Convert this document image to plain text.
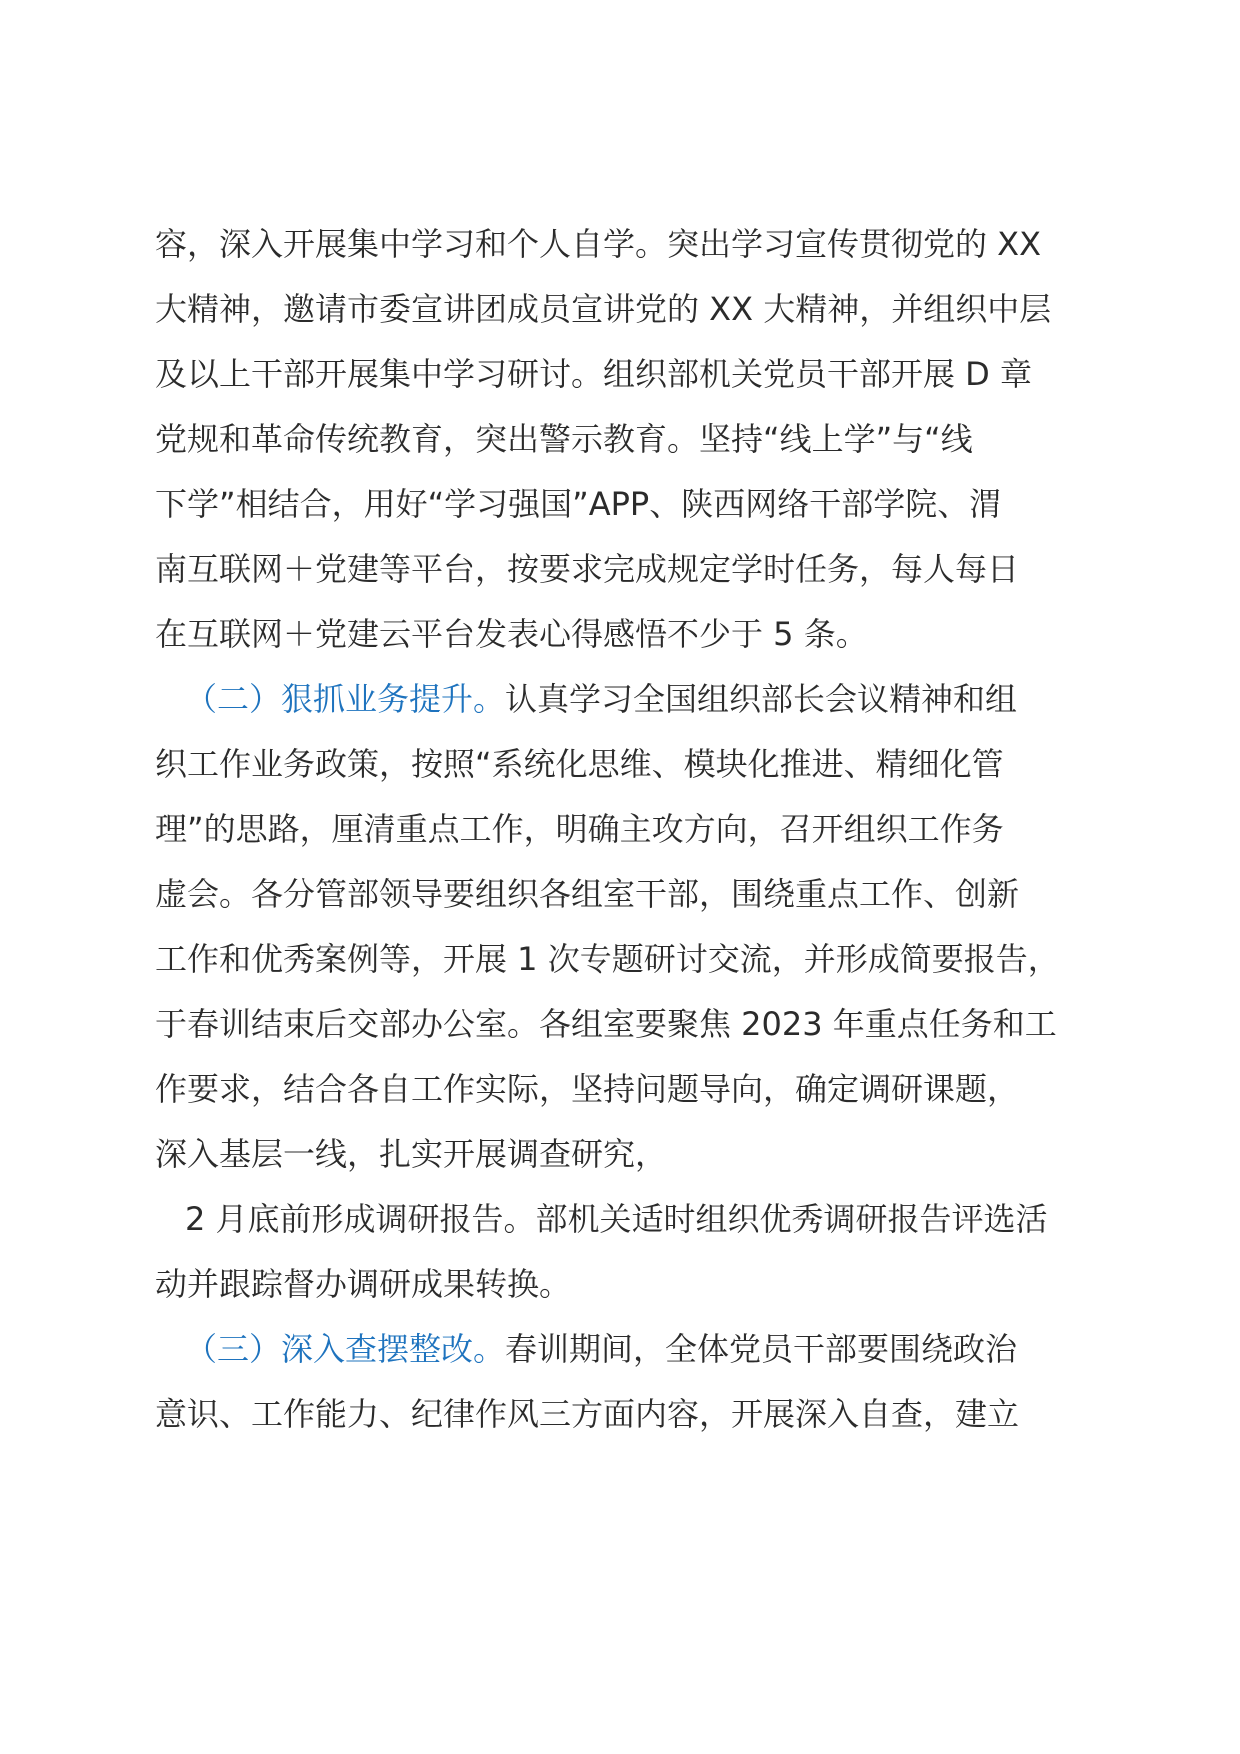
容，深入开展集中学习和个人自学。突出学习宣传贯彻党的 XX
大精神，邀请市委宣讲团成员宣讲党的 XX 大精神，并组织中层
及以上干部开展集中学习研讨。组织部机关党员干部开展 D 章
党规和革命传统教育，突出警示教育。坚持“线上学”与“线
下学”相结合，用好“学习强国”APP、陕西网络干部学院、渭
南互联网＋党建等平台，按要求完成规定学时任务，每人每日
在互联网＋党建云平台发表心得感悟不少于 5 条。
（二）狠抓业务提升。认真学习全国组织部长会议精神和组
织工作业务政策，按照“系统化思维、模块化推进、精细化管
理”的思路，厘清重点工作，明确主攻方向，召开组织工作务
虚会。各分管部领导要组织各组室干部，围绕重点工作、创新
工作和优秀案例等，开展 1 次专题研讨交流，并形成简要报告，
于春训结束后交部办公室。各组室要聚焦 2023 年重点任务和工
作要求，结合各自工作实际，坚持问题导向，确定调研课题，
深入基层一线，扎实开展调查研究，
2 月底前形成调研报告。部机关适时组织优秀调研报告评选活
动并跟踪督办调研成果转换。
（三）深入查摆整改。春训期间，全体党员干部要围绕政治
意识、工作能力、纪律作风三方面内容，开展深入自查，建立
